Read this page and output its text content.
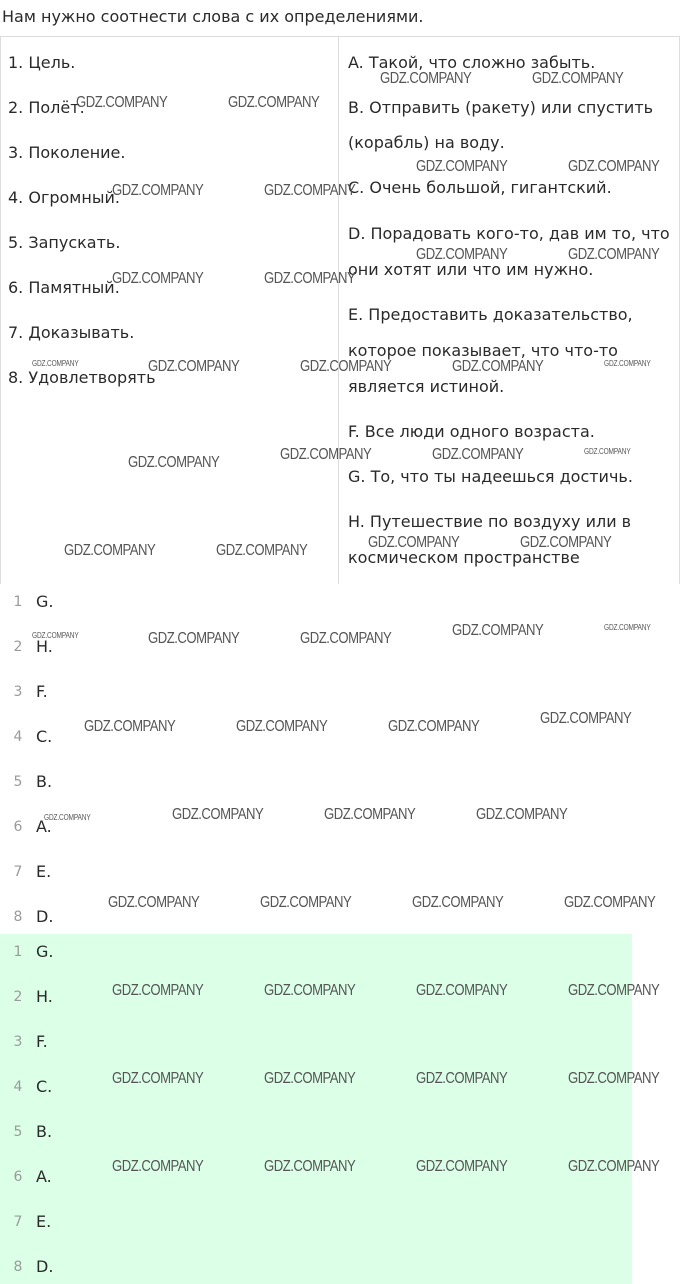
Нам нужно соотнести слова с их определениями.
1. Цель.
2. Полёт.
3. Поколение.
4. Огромный.
5. Запускать.
6. Памятный.
7. Доказывать.
8. Удовлетворять
A. Такой, что сложно забыть.
B. Отправить (ракету) или спустить
(корабль) на воду.
C. Очень большой, гигантский.
D. Порадовать кого-то, дав им то, что
они хотят или что им нужно.
E. Предоставить доказательство,
которое показывает, что что-то
является истиной.
F. Все люди одного возраста.
G. То, что ты надеешься достичь.
H. Путешествие по воздуху или в
космическом пространстве
1 G.
2 H.
3 F.
4 C.
5 B.
6 A.
7 E.
8 D.
1 G.
2 H.
3 F.
4 C.
5 B.
6 A.
7 E.
8 D.
GDZ.COMPANY	GDZ.COMPANY
GDZ.COMPANY	GDZ.COMPANY
GDZ.COMPANY	GDZ.COMPANY
GDZ.COMPANY	GDZ.COMPANY
GDZ.COMPANY	GDZ.COMPANY
GDZ.COMPANY	GDZ.COMPANY
GDZ.COMPANY	GDZ.COMPANY	GDZ.COMPANY	GDZ.COMPANY	GDZ.COMPANY
GDZ.COMPANY	GDZ.COMPANY	GDZ.COMPANY	GDZ.COMPANY
GDZ.COMPANY	GDZ.COMPANY	GDZ.COMPANY	GDZ.COMPANY
GDZ.COMPANY	GDZ.COMPANY	GDZ.COMPANY	GDZ.COMPANY	GDZ.COMPANY
GDZ.COMPANY	GDZ.COMPANY	GDZ.COMPANY	GDZ.COMPANY
GDZ.COMPANY	GDZ.COMPANY	GDZ.COMPANY	GDZ.COMPANY
GDZ.COMPANY	GDZ.COMPANY	GDZ.COMPANY	GDZ.COMPANY
GDZ.COMPANY	GDZ.COMPANY	GDZ.COMPANY	GDZ.COMPANY
GDZ.COMPANY	GDZ.COMPANY	GDZ.COMPANY	GDZ.COMPANY
GDZ.COMPANY	GDZ.COMPANY	GDZ.COMPANY	GDZ.COMPANY
